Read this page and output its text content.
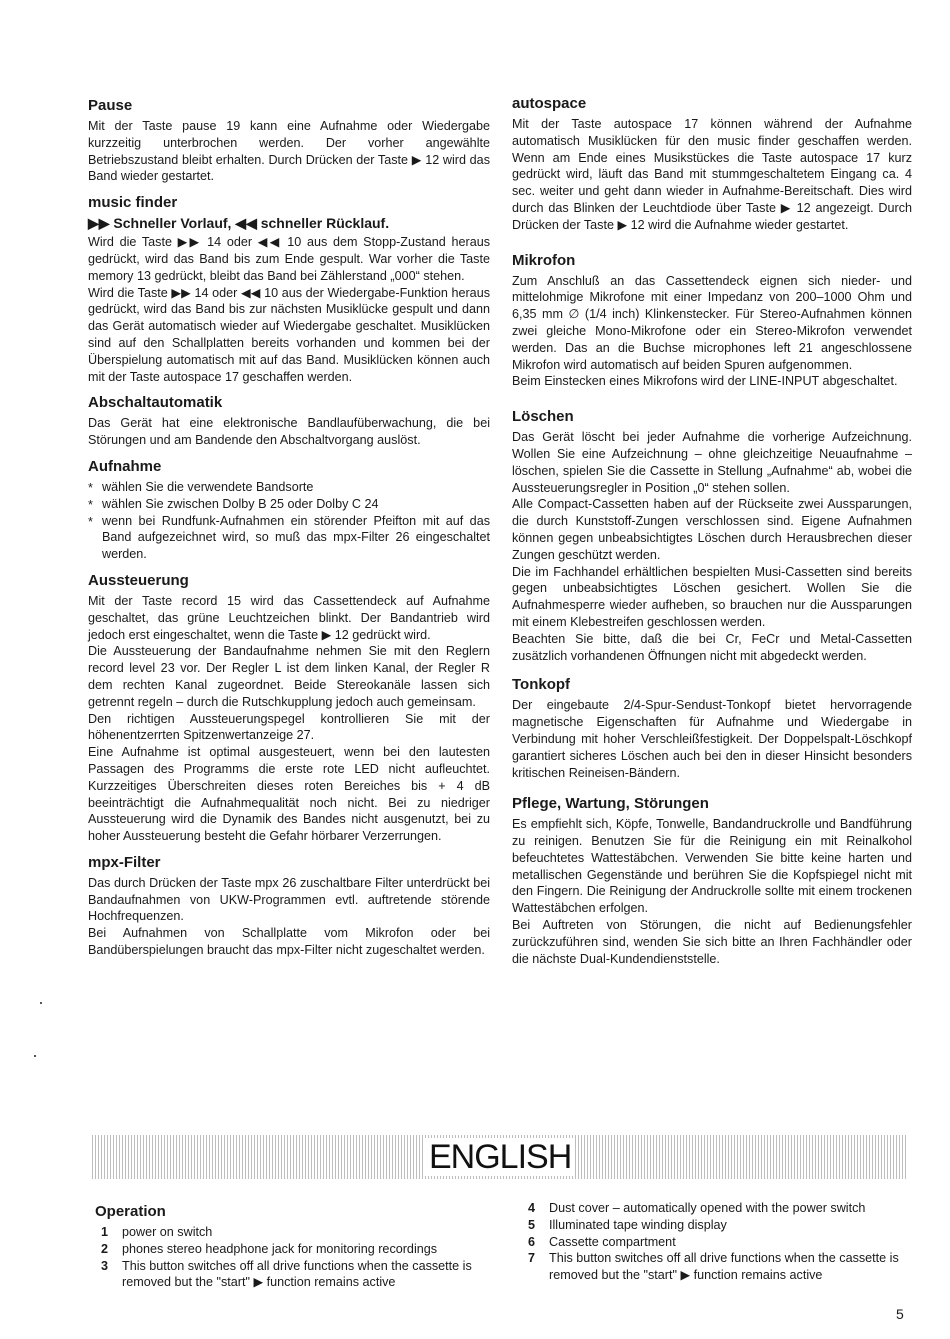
Pause

Mit der Taste pause 19 kann eine Aufnahme oder Wiedergabe kurzzeitig unterbrochen werden. Der vorher angewählte Betriebszustand bleibt erhalten. Durch Drücken der Taste ▶ 12 wird das Band wieder gestartet.

music finder
▶▶ Schneller Vorlauf, ◀◀ schneller Rücklauf.

Wird die Taste ▶▶ 14 oder ◀◀ 10 aus dem Stopp-Zustand heraus gedrückt, wird das Band bis zum Ende gespult. War vorher die Taste memory 13 gedrückt, bleibt das Band bei Zählerstand „000“ stehen.

Wird die Taste ▶▶ 14 oder ◀◀ 10 aus der Wiedergabe-Funktion heraus gedrückt, wird das Band bis zur nächsten Musiklücke gespult und dann das Gerät automatisch wieder auf Wiedergabe geschaltet. Musiklücken sind auf den Schallplatten bereits vorhanden und kommen bei der Überspielung automatisch mit auf das Band. Musiklücken können auch mit der Taste autospace 17 geschaffen werden.

Abschaltautomatik

Das Gerät hat eine elektronische Bandlaufüberwachung, die bei Störungen und am Bandende den Abschaltvorgang auslöst.

Aufnahme
* wählen Sie die verwendete Bandsorte
* wählen Sie zwischen Dolby B 25 oder Dolby C 24
* wenn bei Rundfunk-Aufnahmen ein störender Pfeifton mit auf das Band aufgezeichnet wird, so muß das mpx-Filter 26 eingeschaltet werden.
Aussteuerung

Mit der Taste record 15 wird das Cassettendeck auf Aufnahme geschaltet, das grüne Leuchtzeichen blinkt. Der Bandantrieb wird jedoch erst eingeschaltet, wenn die Taste ▶ 12 gedrückt wird.

Die Aussteuerung der Bandaufnahme nehmen Sie mit den Reglern record level 23 vor. Der Regler L ist dem linken Kanal, der Regler R dem rechten Kanal zugeordnet. Beide Stereokanäle lassen sich getrennt regeln – durch die Rutschkupplung jedoch auch gemeinsam.

Den richtigen Aussteuerungspegel kontrollieren Sie mit der höhenentzerrten Spitzenwertanzeige 27.

Eine Aufnahme ist optimal ausgesteuert, wenn bei den lautesten Passagen des Programms die erste rote LED nicht aufleuchtet. Kurzzeitiges Überschreiten dieses roten Bereiches bis + 4 dB beeinträchtigt die Aufnahmequalität noch nicht. Bei zu niedriger Aussteuerung wird die Dynamik des Bandes nicht ausgenutzt, bei zu hoher Aussteuerung besteht die Gefahr hörbarer Verzerrungen.

mpx-Filter

Das durch Drücken der Taste mpx 26 zuschaltbare Filter unterdrückt bei Bandaufnahmen von UKW-Programmen evtl. auftretende störende Hochfrequenzen.

Bei Aufnahmen von Schallplatte vom Mikrofon oder bei Bandüberspielungen braucht das mpx-Filter nicht zugeschaltet werden.

autospace

Mit der Taste autospace 17 können während der Aufnahme automatisch Musiklücken für den music finder geschaffen werden. Wenn am Ende eines Musikstückes die Taste autospace 17 kurz gedrückt wird, läuft das Band mit stummgeschaltetem Eingang ca. 4 sec. weiter und geht dann wieder in Aufnahme-Bereitschaft. Dies wird durch das Blinken der Leuchtdiode über Taste ▶ 12 angezeigt. Durch Drücken der Taste ▶ 12 wird die Aufnahme wieder gestartet.

Mikrofon

Zum Anschluß an das Cassettendeck eignen sich nieder- und mittelohmige Mikrofone mit einer Impedanz von 200–1000 Ohm und 6,35 mm ∅ (1/4 inch) Klinkenstecker. Für Stereo-Aufnahmen können zwei gleiche Mono-Mikrofone oder ein Stereo-Mikrofon verwendet werden. Das an die Buchse microphones left 21 angeschlossene Mikrofon wird automatisch auf beiden Spuren aufgenommen.

Beim Einstecken eines Mikrofons wird der LINE-INPUT abgeschaltet.

Löschen

Das Gerät löscht bei jeder Aufnahme die vorherige Aufzeichnung. Wollen Sie eine Aufzeichnung – ohne gleichzeitige Neuaufnahme – löschen, spielen Sie die Cassette in Stellung „Aufnahme“ ab, wobei die Aussteuerungsregler in Position „0“ stehen sollen.

Alle Compact-Cassetten haben auf der Rückseite zwei Aussparungen, die durch Kunststoff-Zungen verschlossen sind. Eigene Aufnahmen können gegen unbeabsichtigtes Löschen durch Herausbrechen dieser Zungen geschützt werden.

Die im Fachhandel erhältlichen bespielten Musi-Cassetten sind bereits gegen unbeabsichtigtes Löschen gesichert. Wollen Sie die Aufnahmesperre wieder aufheben, so brauchen nur die Aussparungen mit einem Klebestreifen geschlossen werden.

Beachten Sie bitte, daß die bei Cr, FeCr und Metal-Cassetten zusätzlich vorhandenen Öffnungen nicht mit abgedeckt werden.

Tonkopf

Der eingebaute 2/4-Spur-Sendust-Tonkopf bietet hervorragende magnetische Eigenschaften für Aufnahme und Wiedergabe in Verbindung mit hoher Verschleißfestigkeit. Der Doppelspalt-Löschkopf garantiert sicheres Löschen auch bei den in dieser Hinsicht besonders kritischen Reineisen-Bändern.

Pflege, Wartung, Störungen

Es empfiehlt sich, Köpfe, Tonwelle, Bandandruckrolle und Bandführung zu reinigen. Benutzen Sie für die Reinigung ein mit Reinalkohol befeuchtetes Wattestäbchen. Verwenden Sie bitte keine harten und metallischen Gegenstände und berühren Sie die Kopfspiegel nicht mit den Fingern. Die Reinigung der Andruckrolle sollte mit einem trockenen Wattestäbchen erfolgen.

Bei Auftreten von Störungen, die nicht auf Bedienungsfehler zurückzuführen sind, wenden Sie sich bitte an Ihren Fachhändler oder die nächste Dual-Kundendienststelle.

ENGLISH
Operation
1 power on switch
2 phones stereo headphone jack for monitoring recordings
3 This button switches off all drive functions when the cassette is removed but the "start" ▶ function remains active
4 Dust cover – automatically opened with the power switch
5 Illuminated tape winding display
6 Cassette compartment
7 This button switches off all drive functions when the cassette is removed but the "start" ▶ function remains active
5
